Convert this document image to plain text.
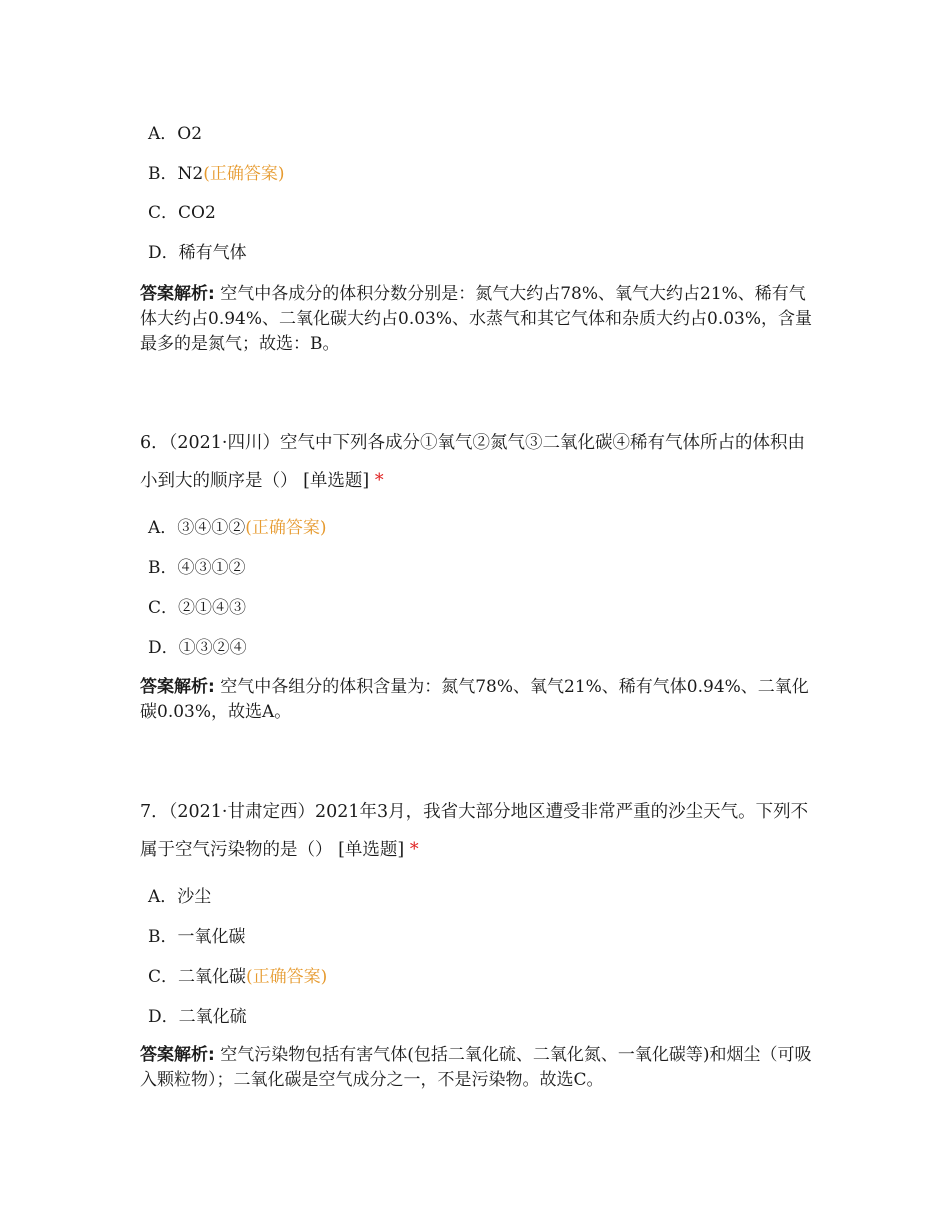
A．O2
B．N2(正确答案)
C．CO2
D．稀有气体
答案解析: 空气中各成分的体积分数分别是：氮气大约占78%、氧气大约占21%、稀有气体大约占0.94%、二氧化碳大约占0.03%、水蒸气和其它气体和杂质大约占0.03%，含量最多的是氮气；故选：B。
6．（2021·四川）空气中下列各成分①氧气②氮气③二氧化碳④稀有气体所占的体积由小到大的顺序是（） [单选题] *
A．③④①②(正确答案)
B．④③①②
C．②①④③
D．①③②④
答案解析: 空气中各组分的体积含量为：氮气78%、氧气21%、稀有气体0.94%、二氧化碳0.03%，故选A。
7．（2021·甘肃定西）2021年3月，我省大部分地区遭受非常严重的沙尘天气。下列不属于空气污染物的是（） [单选题] *
A．沙尘
B．一氧化碳
C．二氧化碳(正确答案)
D．二氧化硫
答案解析: 空气污染物包括有害气体(包括二氧化硫、二氧化氮、一氧化碳等)和烟尘（可吸入颗粒物）；二氧化碳是空气成分之一，不是污染物。故选C。
